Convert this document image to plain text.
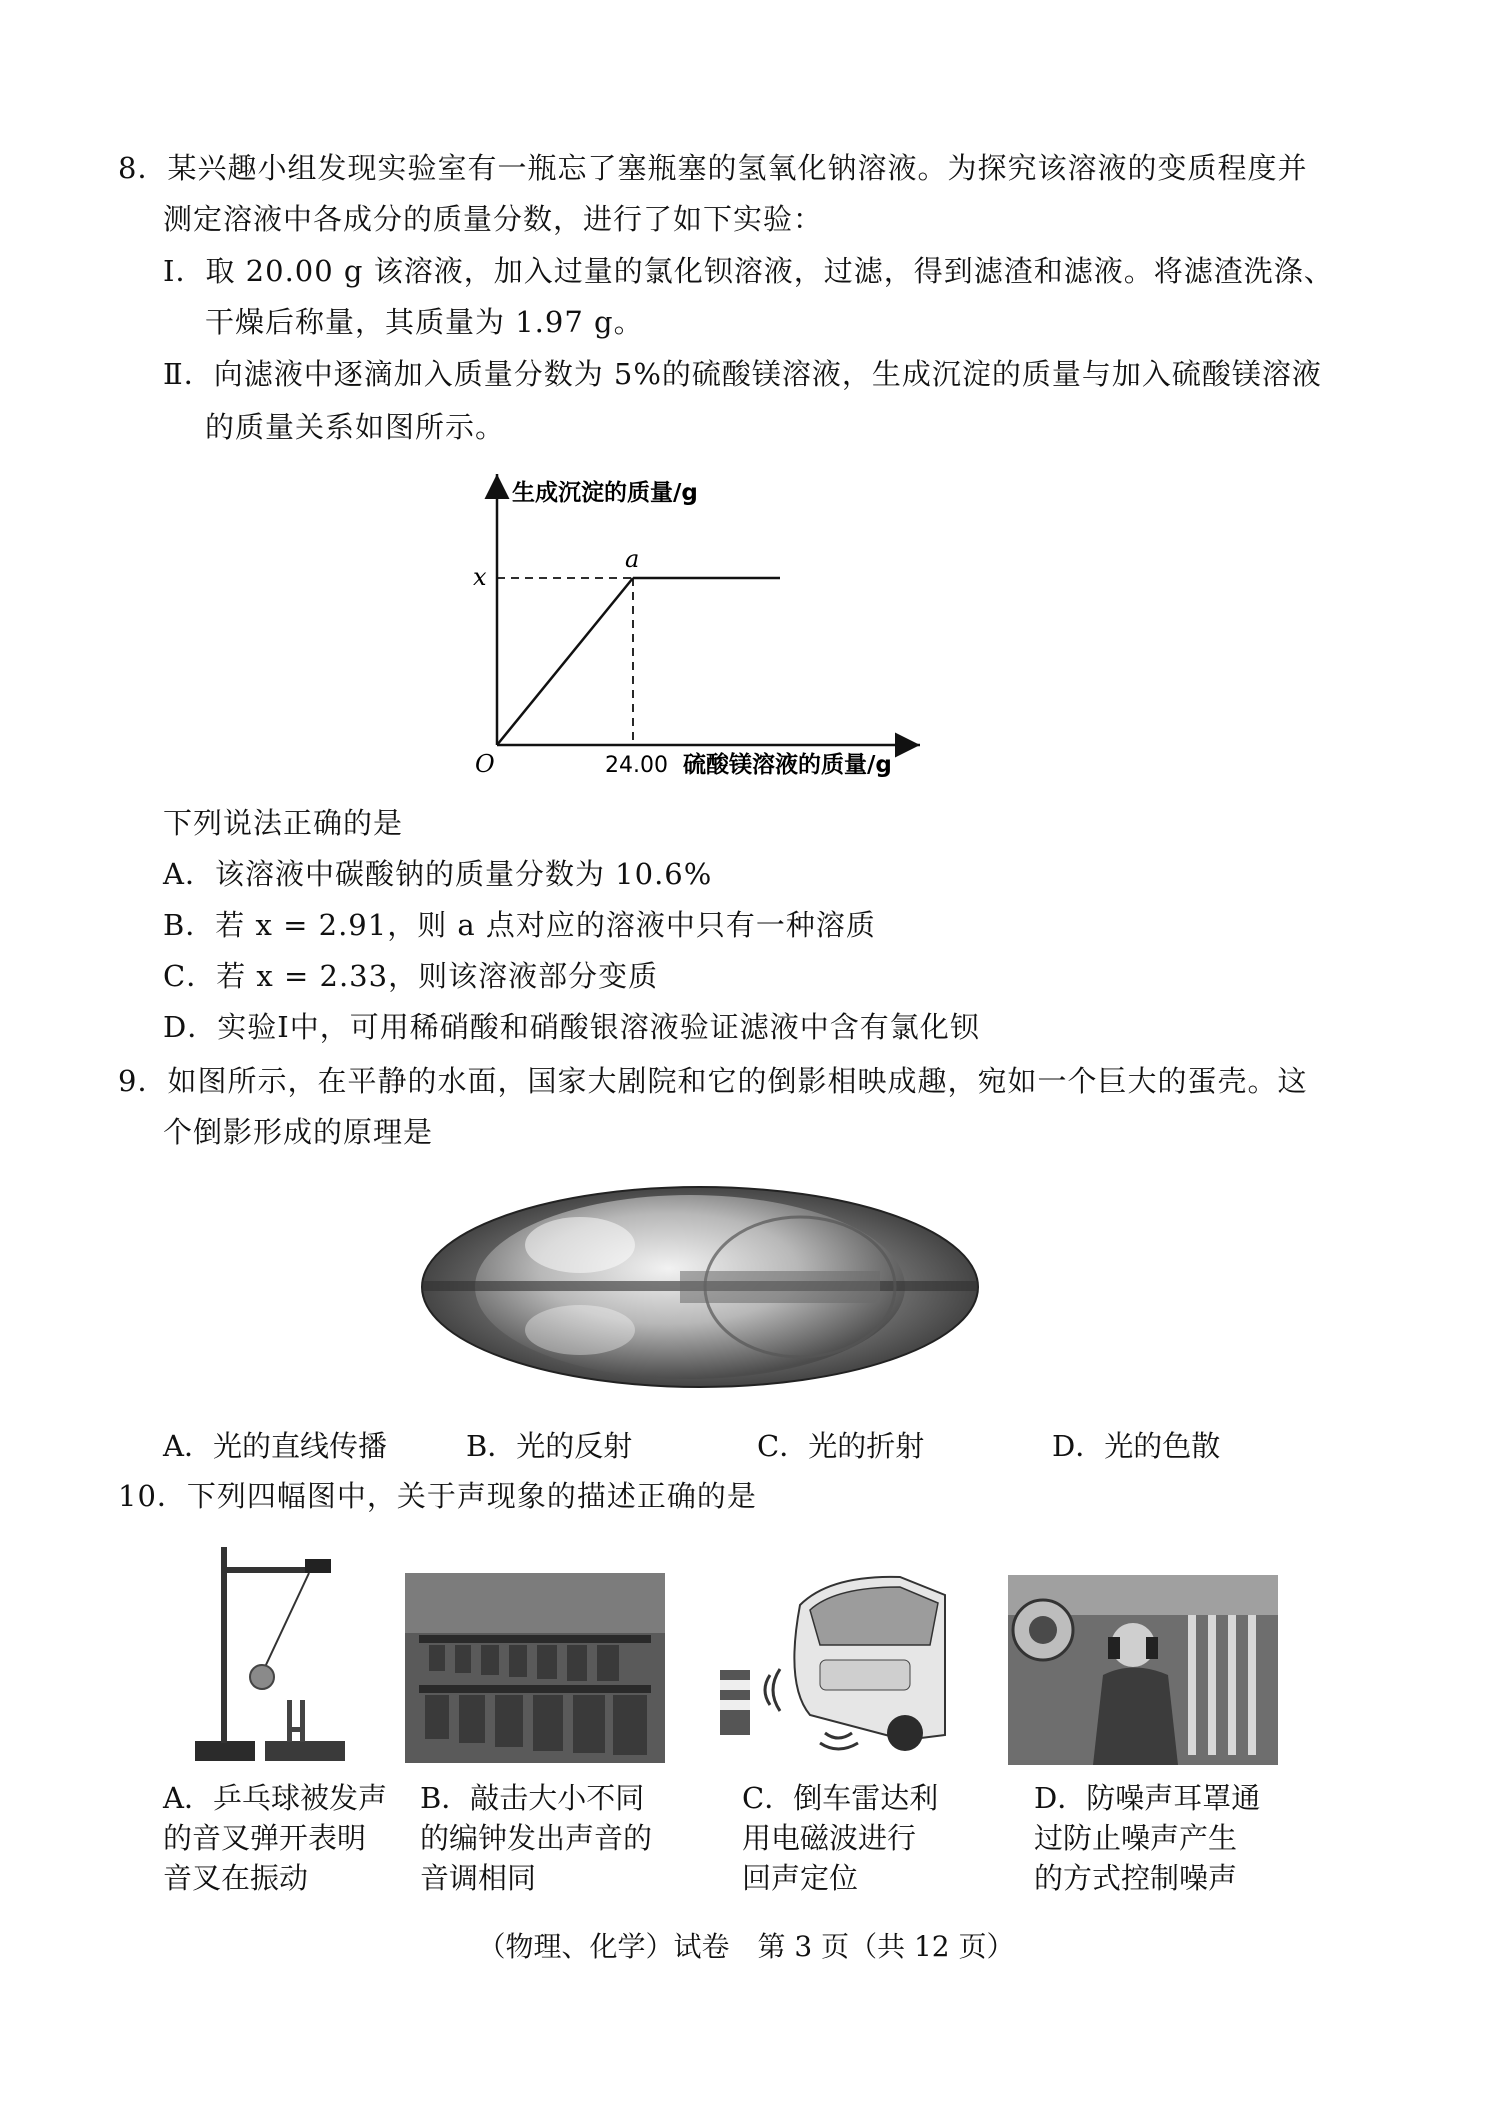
8．某兴趣小组发现实验室有一瓶忘了塞瓶塞的氢氧化钠溶液。为探究该溶液的变质程度并
测定溶液中各成分的质量分数，进行了如下实验：
Ⅰ．取 20.00 g 该溶液，加入过量的氯化钡溶液，过滤，得到滤渣和滤液。将滤渣洗涤、
干燥后称量，其质量为 1.97 g。
Ⅱ．向滤液中逐滴加入质量分数为 5%的硫酸镁溶液，生成沉淀的质量与加入硫酸镁溶液
的质量关系如图所示。
生成沉淀的质量/g
x
a
O	24.00 硫酸镁溶液的质量/g
下列说法正确的是
A．该溶液中碳酸钠的质量分数为 10.6%
B．若 x = 2.91，则 a 点对应的溶液中只有一种溶质
C．若 x = 2.33，则该溶液部分变质
D．实验Ⅰ中，可用稀硝酸和硝酸银溶液验证滤液中含有氯化钡
9．如图所示，在平静的水面，国家大剧院和它的倒影相映成趣，宛如一个巨大的蛋壳。这
个倒影形成的原理是
A．光的直线传播	B．光的反射	C．光的折射	D．光的色散
10．下列四幅图中，关于声现象的描述正确的是
A．乒乓球被发声
的音叉弹开表明
音叉在振动
B．敲击大小不同
的编钟发出声音的
音调相同
C．倒车雷达利
用电磁波进行
回声定位
D．防噪声耳罩通
过防止噪声产生
的方式控制噪声
（物理、化学）试卷　第 3 页（共 12 页）
